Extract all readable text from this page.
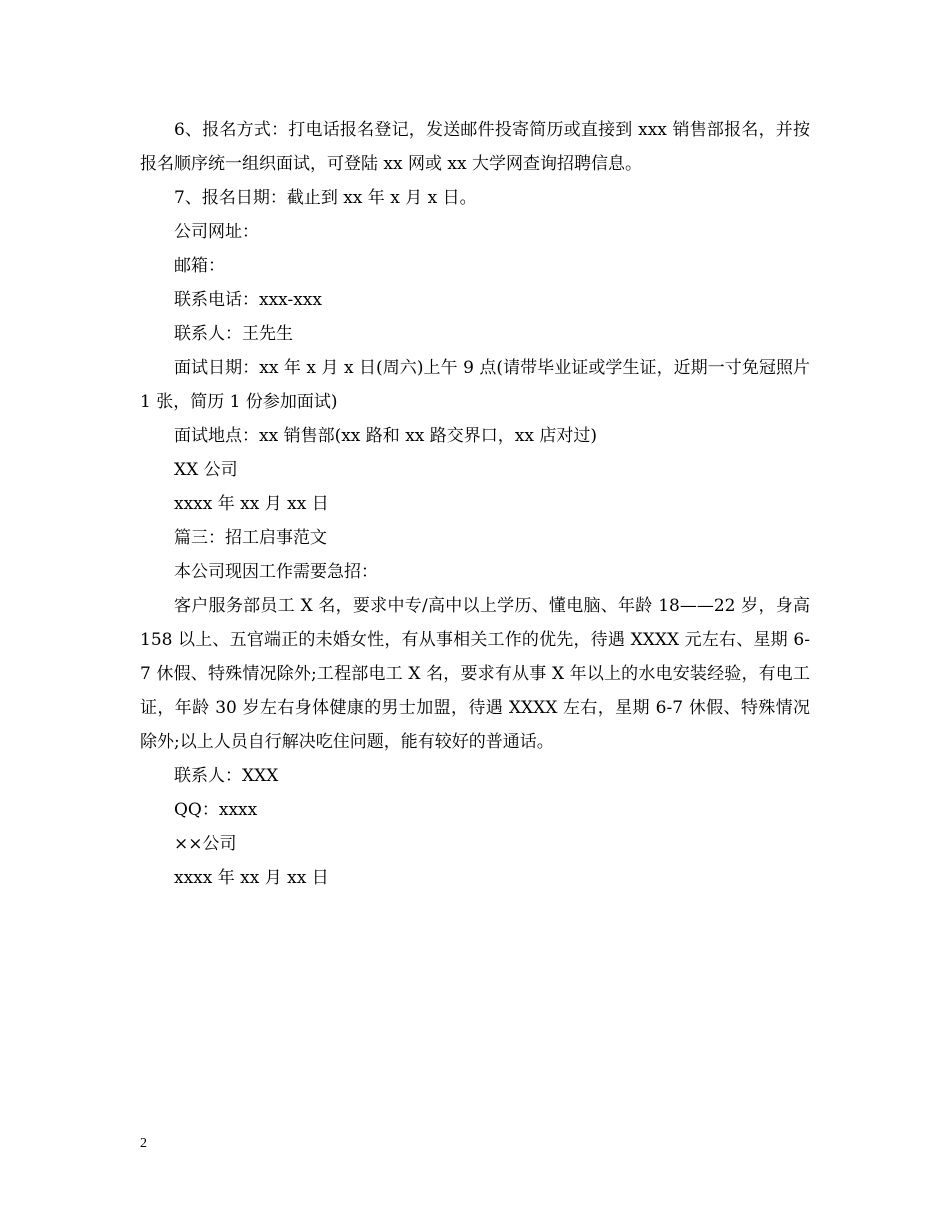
6、报名方式：打电话报名登记，发送邮件投寄简历或直接到 xxx 销售部报名，并按报名顺序统一组织面试，可登陆 xx 网或 xx 大学网查询招聘信息。

7、报名日期：截止到 xx 年 x 月 x 日。

公司网址：

邮箱：

联系电话：xxx-xxx

联系人：王先生

面试日期：xx 年 x 月 x 日(周六)上午 9 点(请带毕业证或学生证，近期一寸免冠照片 1 张，简历 1 份参加面试)

面试地点：xx 销售部(xx 路和 xx 路交界口，xx 店对过)

XX 公司

xxxx 年 xx 月 xx 日

篇三：招工启事范文

本公司现因工作需要急招：

客户服务部员工 X 名，要求中专/高中以上学历、懂电脑、年龄 18——22 岁，身高 158 以上、五官端正的未婚女性，有从事相关工作的优先，待遇 XXXX 元左右、星期 6-7 休假、特殊情况除外;工程部电工 X 名，要求有从事 X 年以上的水电安装经验，有电工证，年龄 30 岁左右身体健康的男士加盟，待遇 XXXX 左右，星期 6-7 休假、特殊情况除外;以上人员自行解决吃住问题，能有较好的普通话。

联系人：XXX

QQ：xxxx

××公司

xxxx 年 xx 月 xx 日

2
